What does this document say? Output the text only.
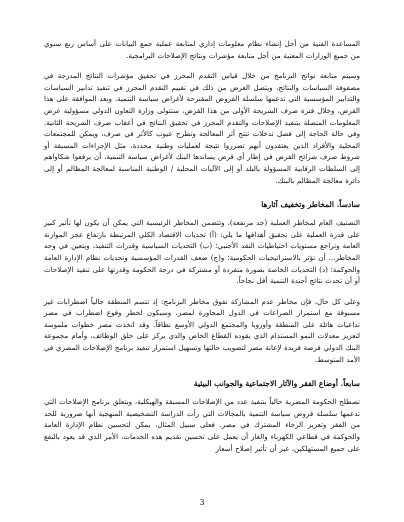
المساعدة الفنية من أجل إنشاء نظام معلومات إداري لمتابعة عملية جمع البيانات على أساس ربع سنوي من جميع الوزارات المعنية من أجل متابعة مؤشرات ونتائج الإصلاحات البرامجية.

وسيتم متابعة نواتج البرنامج من خلال قياس التقدم المحرز في تحقيق مؤشرات النتائج المدرجة في مصفوفة السياسات والنتائج، ويتصل الغرض من ذلك في تقييم التقدم المحرز في تنفيذ تدابير السياسات والتدابير المؤسسية التي تدعمها سلسلة القروض المقترحة لأغراض سياسة التنمية. وبعد الموافقة على هذا القرض، وخلال فترة صرف الشريحة الأولى من هذا القرض، ستتولى وزارة التعاون الدولي مسؤولية عرض المعلومات المتصلة بتنفيذ الإصلاحات والتقدم المحرز في تحقيق النتائج في أعقاب صرف الشريحة الثانية. وفي حالة الحاجة إلى فصل تدخلات تنتج أثر المعالجة وتطرح عيوب كالأثر في صرف، ويمكن للمجتمعات المحلية والأفراد الذين يعتقدون أنهم تضرروا نتيجة لعمليات وطنية محددة، مثل الإجراءات المسبقة أو شروط صرف شرائح القرض في إطار أي قرض يساندها البنك لأغراض سياسة التنمية، أن يرفعوا شكاواهم إلى السلطات الرقابية المسؤولة بالبلد أو إلى الآليات المحلية / الوطنية المناسبة لمعالجة المظالم أو إلى دائرة معالجة المظالم بالبنك.

سادساً. المخاطر وتخفيف آثارها

التصنيف العام لمخاطر العملية (جد مرتفعة)، وتتضمن المخاطر الرئيسية التي يمكن أن يكون لها تأثير كبير على قدرة العملية على تحقيق أهدافها ما يلي: (أ) تحديات الاقتصاد الكلي المرتبطة بارتفاع عجز الموازنة العامة وتراجع مستويات احتياطيات النقد الأجنبي؛ (ب) التحديات السياسية وقدرات التنفيذ، ويتعين في وجه المخاطر... أن تؤثر بالاستراتيجيات الحكومية؛ و(ج) ضعف القدرات المؤسسية وتحديات نظام الإدارة العامة والحوكمة؛ (د) التحديات الخاصة بصورة منفردة أو مشتركة في درجة الحكومة وقدرتها على تنفيذ الإصلاحات أو أن تحدث نتائج أجندة التنمية أقل نجاحاً.

وعلى كل حال، فإن مخاطر عدم المشاركة تفوق مخاطر البرنامج: إذ تتسم المنطقة حالياً اضطرابات غير مسبوقة مع استمرار الصراعات في الدول المجاورة لمصر، وسيكون لخطر وقوع اضطراب في مصر تداعيات هائلة على المنطقة وأوروبا والمجتمع الدولي الأوسع نطاقاً. وقد اتخذت مصر خطوات ملموسة لتعزيز معدلات النمو المستدام الذي يقوده القطاع الخاص والذي يركز على خلق الوظائف، وأمام مجموعة البنك الدولي فرصة فريدة لإعانة مصر لتصويب حالتها وتسهيل استمرار تنفيذ برنامج الإصلاحات المصري في الأمد المتوسط.

سابعاً. أوضاع الفقر والآثار الاجتماعية والجوانب البيئية

تصطلح الحكومة المصرية حالياً بتنفيذ عدد من الإصلاحات المسبقة والهيكلية، ويتعلق برنامج الإصلاحات التي تدعمها سلسلة قروض سياسة التنمية بالمجالات التي رأت الدراسة التشخيصية المنهجية أنها ضرورية للحد من الفقر وتعزيز الرخاء المشترك في مصر. فعلى سبيل المثال، يمكن لتحسين نظام الإدارة العامة والحوكمة في قطاعي الكهرباء والغاز أن يعمل على تحسين تقديم هذه الخدمات، الأمر الذي قد يعود بالنفع على جميع المستهلكين، غير أن تأثير إصلاح أسعار

3
